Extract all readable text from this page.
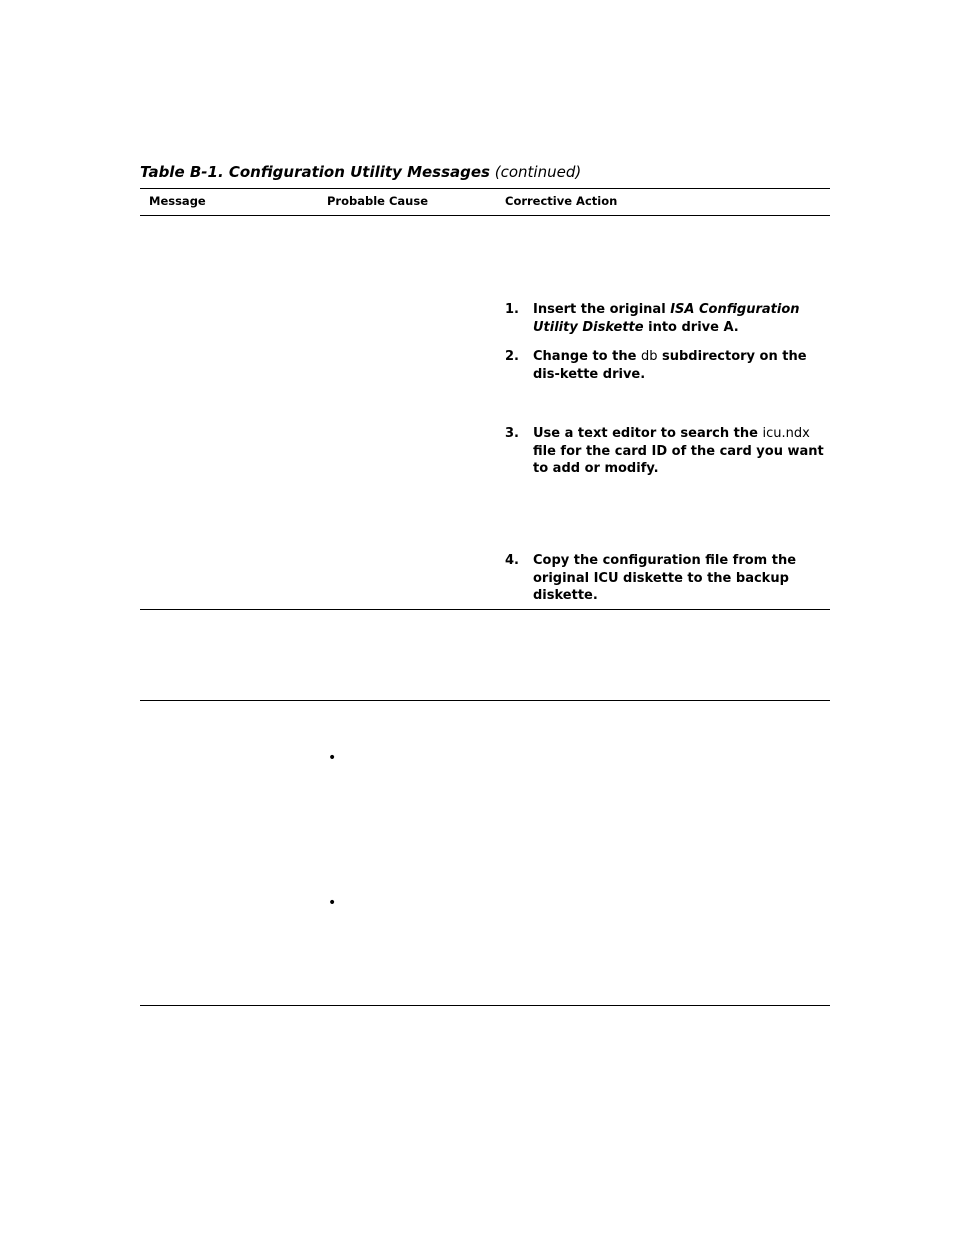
Table B-1. Configuration Utility Messages (continued)
Message	Probable Cause	Corrective Action
1. Insert the original ISA Configuration Utility Diskette into drive A.
2. Change to the db subdirectory on the dis-kette drive.
3. Use a text editor to search the icu.ndx file for the card ID of the card you want to add or modify.
4. Copy the configuration file from the original ICU diskette to the backup diskette.
•
•
